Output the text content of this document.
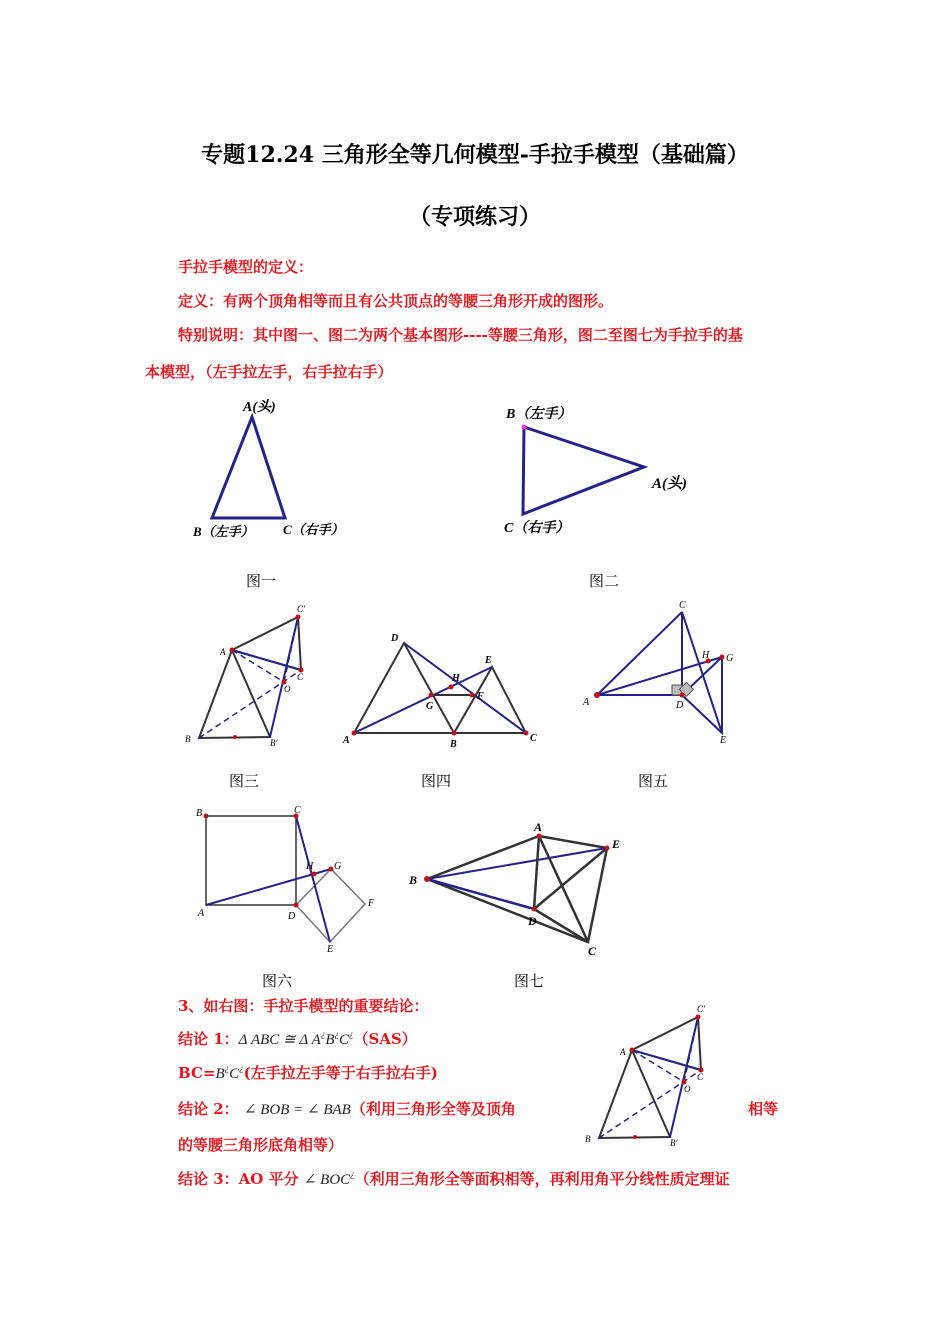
专题12.24 三角形全等几何模型-手拉手模型（基础篇）
（专项练习）
手拉手模型的定义：
定义：有两个顶角相等而且有公共顶点的等腰三角形开成的图形。
特别说明：其中图一、图二为两个基本图形----等腰三角形，图二至图七为手拉手的基
本模型，（左手拉左手，右手拉右手）
A(头)
B（左手） C（右手）
图一
B（左手）
A(头)
C（右手）
图二
A
B	B'
C
C'
O
图三
A	B
C
D
E
F
G
H
图四
A
C
D
E
G
H
图五
B	C
A	D
E
F
G
H
图六
B
A
E
D
C
图七
3、如右图：手拉手模型的重要结论：
结论 1：Δ ABC ≅ Δ A¿B¿C¿（SAS）
BC=B¿C¿(左手拉左手等于右手拉右手)
结论 2： ∠ BOB = ∠ BAB（利用三角形全等及顶角	相等
的等腰三角形底角相等）
结论 3：AO 平分 ∠ BOC¿（利用三角形全等面积相等，再利用角平分线性质定理证
A
B	B'
C
C'
O
